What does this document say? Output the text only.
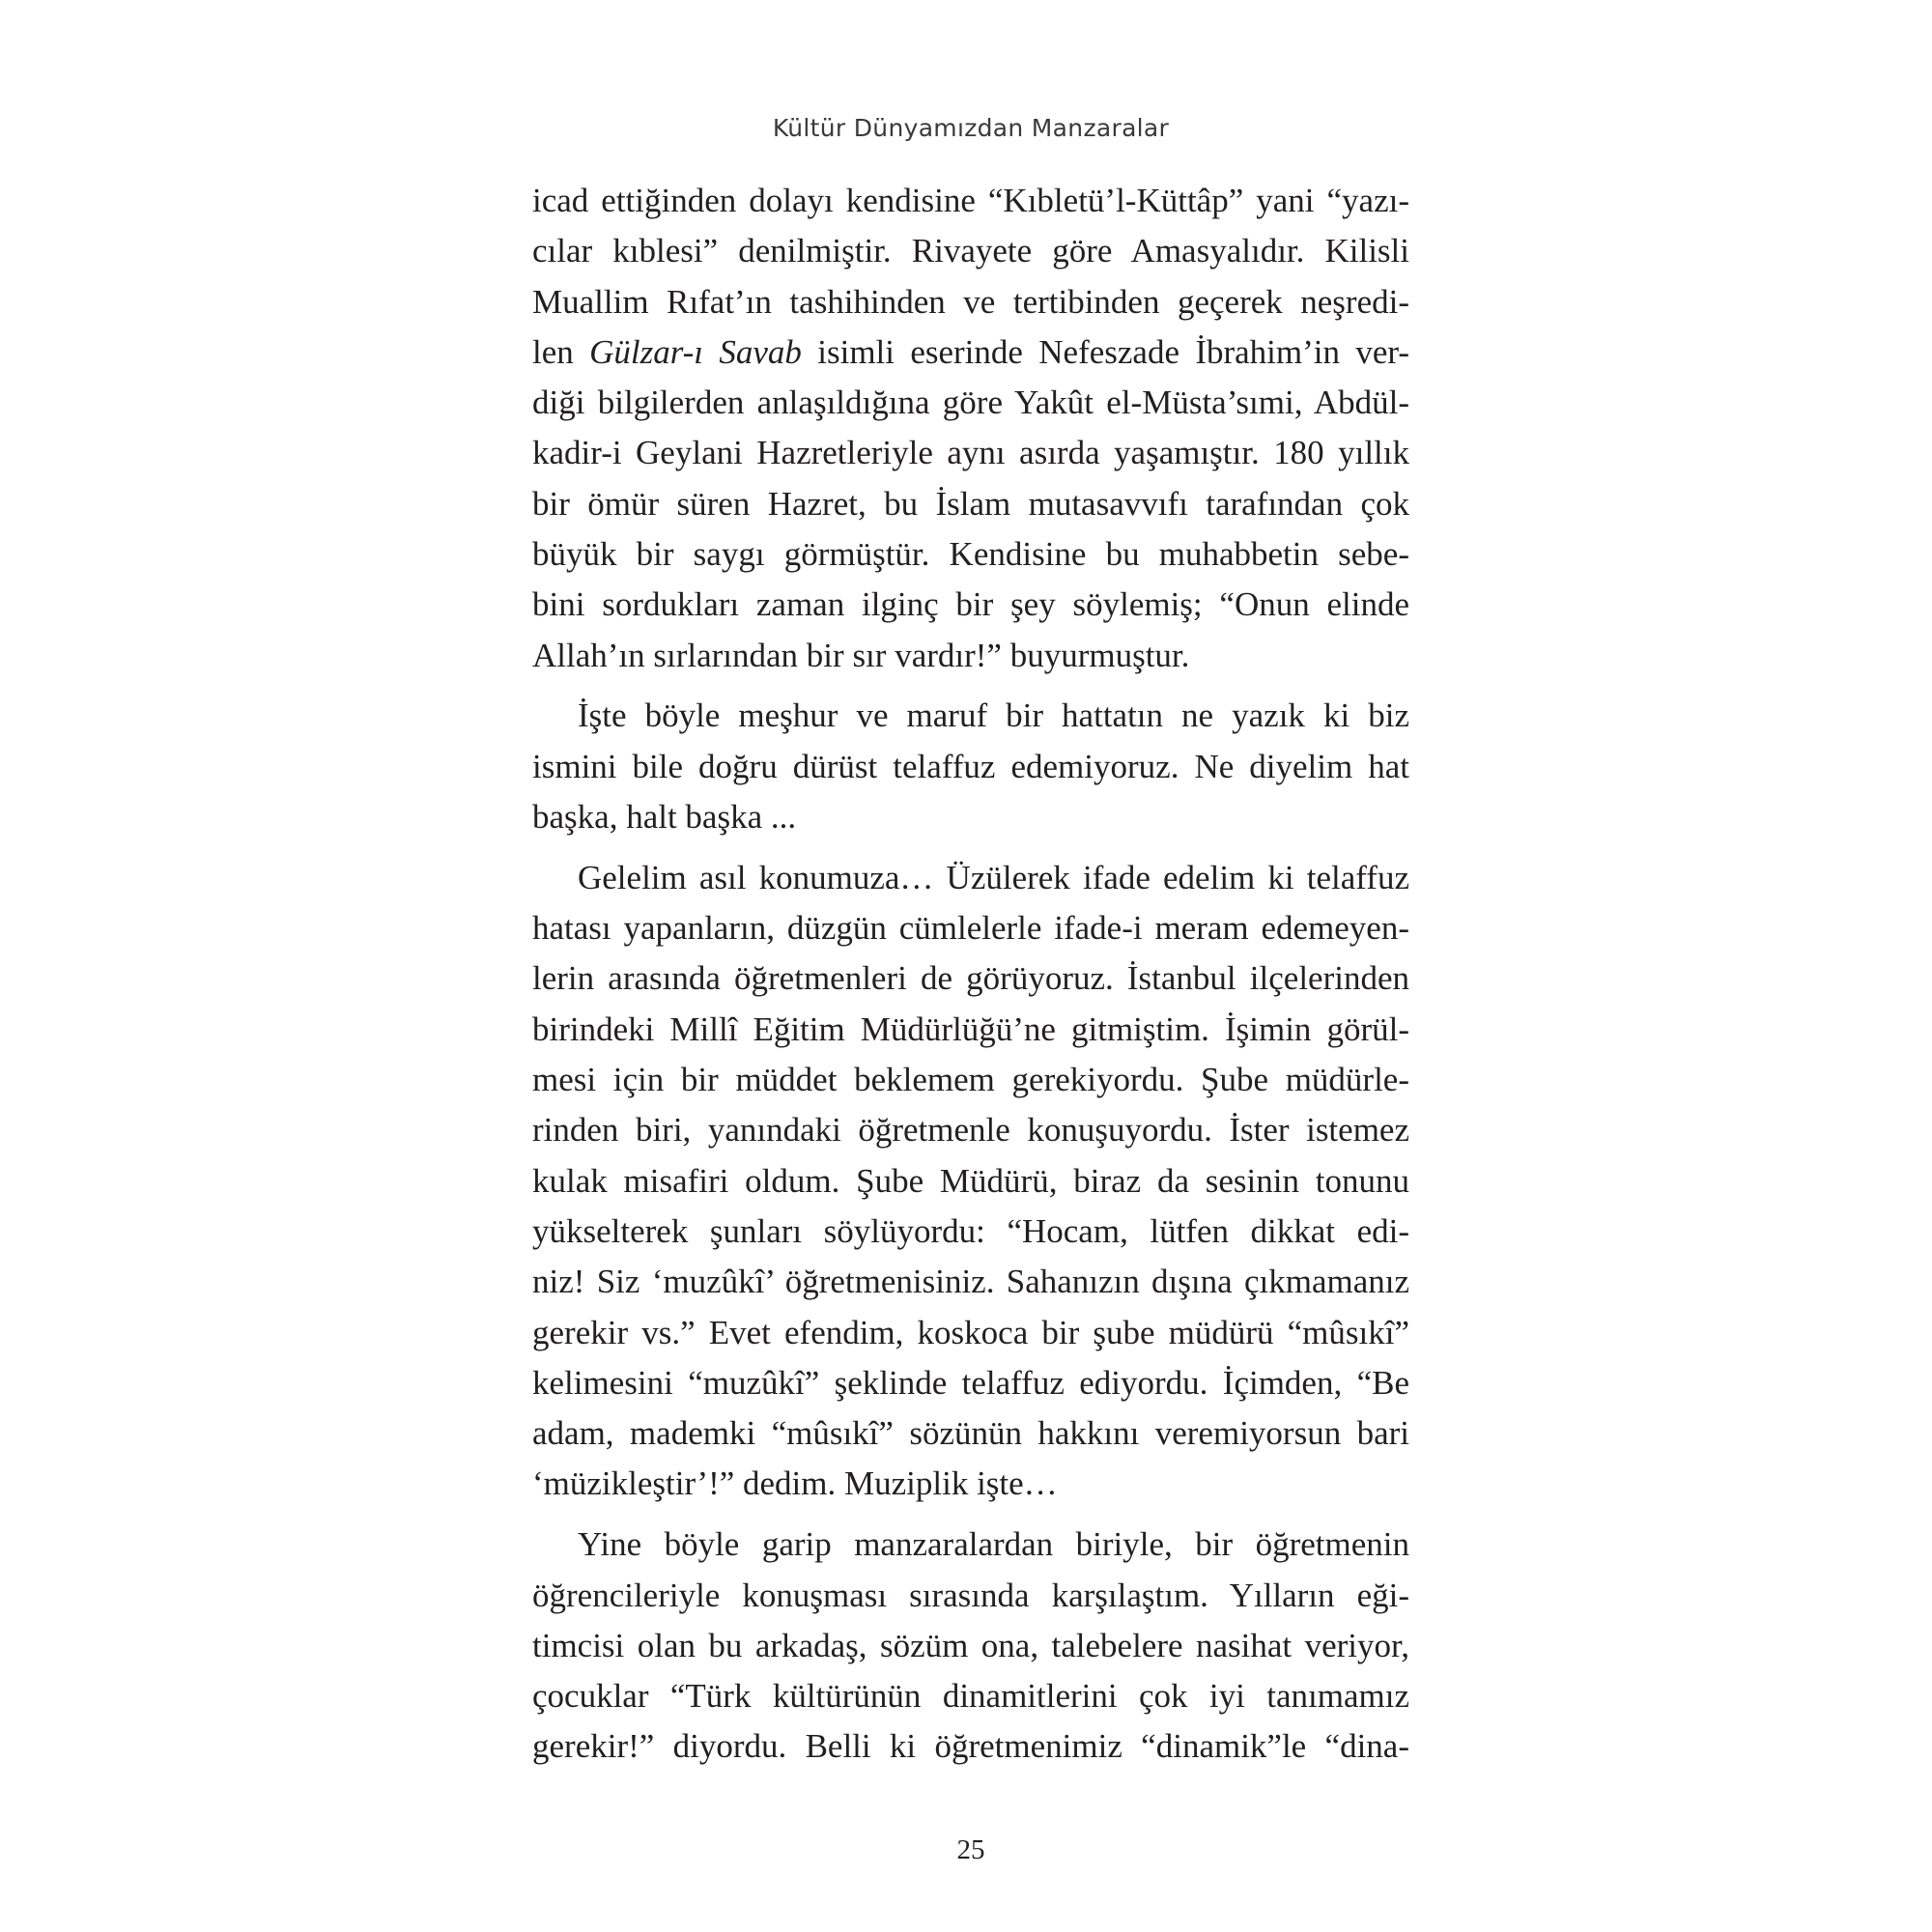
Kültür Dünyamızdan Manzaralar
icad ettiğinden dolayı kendisine “Kıbletü’l-Küttâp” yani “yazı-
cılar kıblesi” denilmiştir. Rivayete göre Amasyalıdır. Kilisli
Muallim Rıfat’ın tashihinden ve tertibinden geçerek neşredi-
len Gülzar-ı Savab isimli eserinde Nefeszade İbrahim’in ver-
diği bilgilerden anlaşıldığına göre Yakût el-Müsta’sımi, Abdül-
kadir-i Geylani Hazretleriyle aynı asırda yaşamıştır. 180 yıllık
bir ömür süren Hazret, bu İslam mutasavvıfı tarafından çok
büyük bir saygı görmüştür. Kendisine bu muhabbetin sebe-
bini sordukları zaman ilginç bir şey söylemiş; “Onun elinde
Allah’ın sırlarından bir sır vardır!” buyurmuştur.
İşte böyle meşhur ve maruf bir hattatın ne yazık ki biz
ismini bile doğru dürüst telaffuz edemiyoruz. Ne diyelim hat
başka, halt başka ...
Gelelim asıl konumuza… Üzülerek ifade edelim ki telaffuz
hatası yapanların, düzgün cümlelerle ifade-i meram edemeyen-
lerin arasında öğretmenleri de görüyoruz. İstanbul ilçelerinden
birindeki Millî Eğitim Müdürlüğü’ne gitmiştim. İşimin görül-
mesi için bir müddet beklemem gerekiyordu. Şube müdürle-
rinden biri, yanındaki öğretmenle konuşuyordu. İster istemez
kulak misafiri oldum. Şube Müdürü, biraz da sesinin tonunu
yükselterek şunları söylüyordu: “Hocam, lütfen dikkat edi-
niz! Siz ‘muzûkî’ öğretmenisiniz. Sahanızın dışına çıkmamanız
gerekir vs.” Evet efendim, koskoca bir şube müdürü “mûsıkî”
kelimesini “muzûkî” şeklinde telaffuz ediyordu. İçimden, “Be
adam, mademki “mûsıkî” sözünün hakkını veremiyorsun bari
‘müzikleştir’!” dedim. Muziplik işte…
Yine böyle garip manzaralardan biriyle, bir öğretmenin
öğrencileriyle konuşması sırasında karşılaştım. Yılların eği-
timcisi olan bu arkadaş, sözüm ona, talebelere nasihat veriyor,
çocuklar “Türk kültürünün dinamitlerini çok iyi tanımamız
gerekir!” diyordu. Belli ki öğretmenimiz “dinamik”le “dina-
25
